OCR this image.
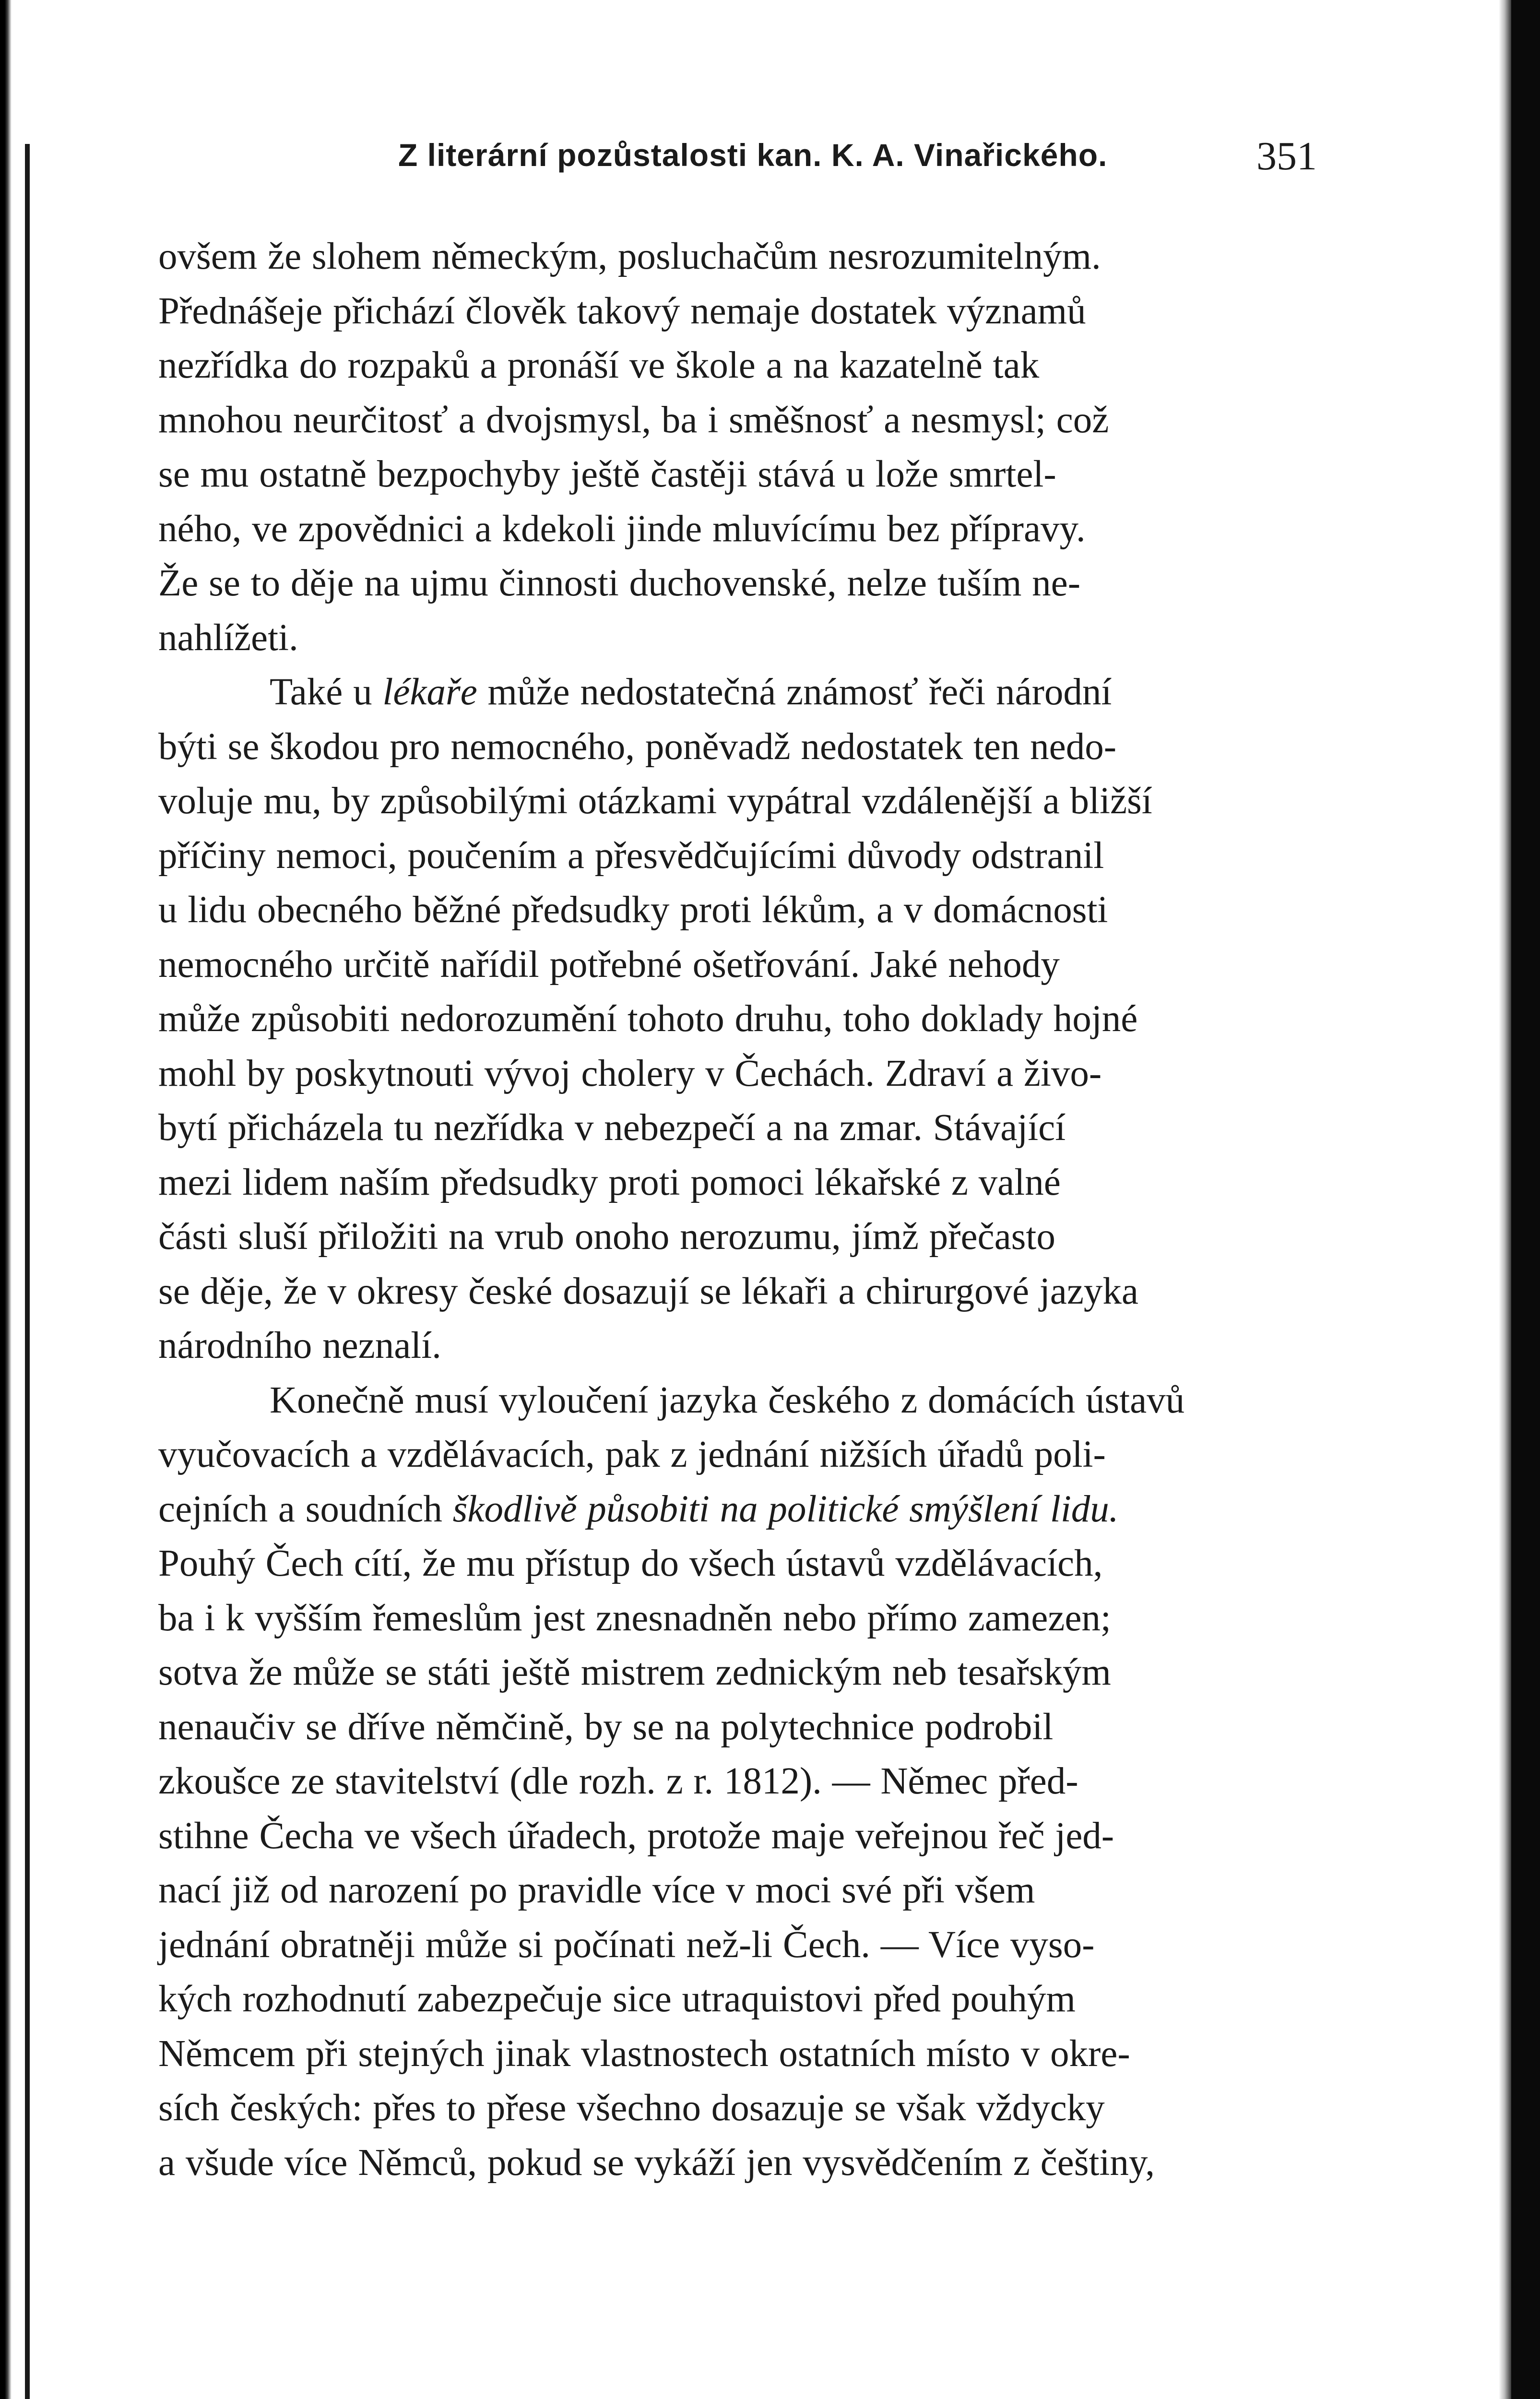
Z literární pozůstalosti kan. K. A. Vinařického.	351

ovšem že slohem německým, posluchačům nesrozumitelným.
Přednášeje přichází člověk takový nemaje dostatek významů
nezřídka do rozpaků a pronáší ve škole a na kazatelně tak
mnohou neurčitosť a dvojsmysl, ba i směšnosť a nesmysl; což
se mu ostatně bezpochyby ještě častěji stává u lože smrtel-
ného, ve zpovědnici a kdekoli jinde mluvícímu bez přípravy.
Že se to děje na ujmu činnosti duchovenské, nelze tuším ne-
nahlížeti.

Také u lékaře může nedostatečná známosť řeči národní
býti se škodou pro nemocného, poněvadž nedostatek ten nedo-
voluje mu, by způsobilými otázkami vypátral vzdálenější a bližší
příčiny nemoci, poučením a přesvědčujícími důvody odstranil
u lidu obecného běžné předsudky proti lékům, a v domácnosti
nemocného určitě nařídil potřebné ošetřování. Jaké nehody
může způsobiti nedorozumění tohoto druhu, toho doklady hojné
mohl by poskytnouti vývoj cholery v Čechách. Zdraví a živo-
bytí přicházela tu nezřídka v nebezpečí a na zmar. Stávající
mezi lidem naším předsudky proti pomoci lékařské z valné
části sluší přiložiti na vrub onoho nerozumu, jímž přečasto
se děje, že v okresy české dosazují se lékaři a chirurgové jazyka
národního neznalí.

Konečně musí vyloučení jazyka českého z domácích ústavů
vyučovacích a vzdělávacích, pak z jednání nižších úřadů poli-
cejních a soudních škodlivě působiti na politické smýšlení lidu.
Pouhý Čech cítí, že mu přístup do všech ústavů vzdělávacích,
ba i k vyšším řemeslům jest znesnadněn nebo přímo zamezen;
sotva že může se státi ještě mistrem zednickým neb tesařským
nenaučiv se dříve němčině, by se na polytechnice podrobil
zkoušce ze stavitelství (dle rozh. z r. 1812). — Němec před-
stihne Čecha ve všech úřadech, protože maje veřejnou řeč jed-
nací již od narození po pravidle více v moci své při všem
jednání obratněji může si počínati než-li Čech. — Více vyso-
kých rozhodnutí zabezpečuje sice utraquistovi před pouhým
Němcem při stejných jinak vlastnostech ostatních místo v okre-
sích českých: přes to přese všechno dosazuje se však vždycky
a všude více Němců, pokud se vykáží jen vysvědčením z češtiny,
